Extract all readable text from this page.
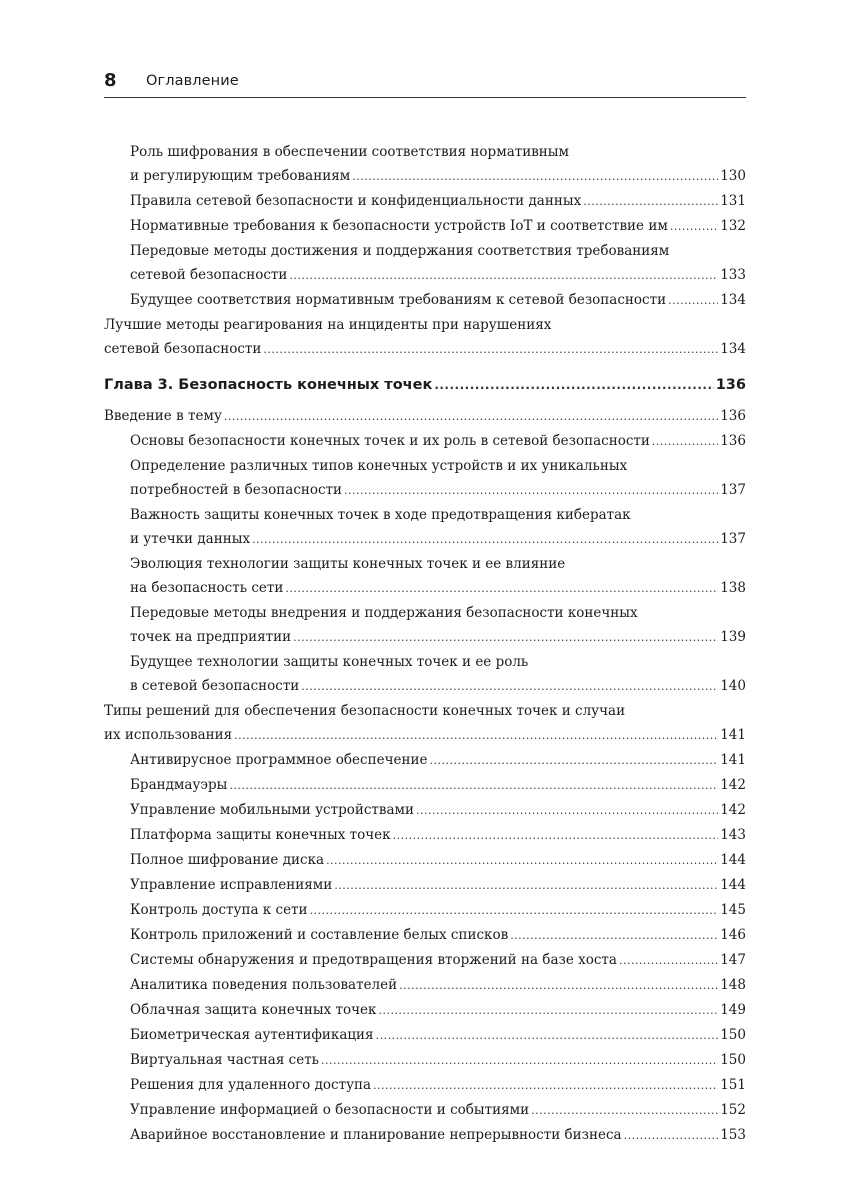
8 Оглавление
Роль шифрования в обеспечении соответствия нормативным
и регулирующим требованиям .....	130
Правила сетевой безопасности и конфиденциальности данных .....	131
Нормативные требования к безопасности устройств IoT и соответствие им .....	132
Передовые методы достижения и поддержания соответствия требованиям
сетевой безопасности .....	133
Будущее соответствия нормативным требованиям к сетевой безопасности .....	134
Лучшие методы реагирования на инциденты при нарушениях
сетевой безопасности .....	134
Глава 3. Безопасность конечных точек .....	136
Введение в тему .....	136
Основы безопасности конечных точек и их роль в сетевой безопасности .....	136
Определение различных типов конечных устройств и их уникальных
потребностей в безопасности .....	137
Важность защиты конечных точек в ходе предотвращения кибератак
и утечки данных .....	137
Эволюция технологии защиты конечных точек и ее влияние
на безопасность сети .....	138
Передовые методы внедрения и поддержания безопасности конечных
точек на предприятии .....	139
Будущее технологии защиты конечных точек и ее роль
в сетевой безопасности .....	140
Типы решений для обеспечения безопасности конечных точек и случаи
их использования .....	141
Антивирусное программное обеспечение .....	141
Брандмауэры .....	142
Управление мобильными устройствами .....	142
Платформа защиты конечных точек .....	143
Полное шифрование диска .....	144
Управление исправлениями .....	144
Контроль доступа к сети .....	145
Контроль приложений и составление белых списков .....	146
Системы обнаружения и предотвращения вторжений на базе хоста .....	147
Аналитика поведения пользователей .....	148
Облачная защита конечных точек .....	149
Биометрическая аутентификация .....	150
Виртуальная частная сеть .....	150
Решения для удаленного доступа .....	151
Управление информацией о безопасности и событиями .....	152
Аварийное восстановление и планирование непрерывности бизнеса .....	153
